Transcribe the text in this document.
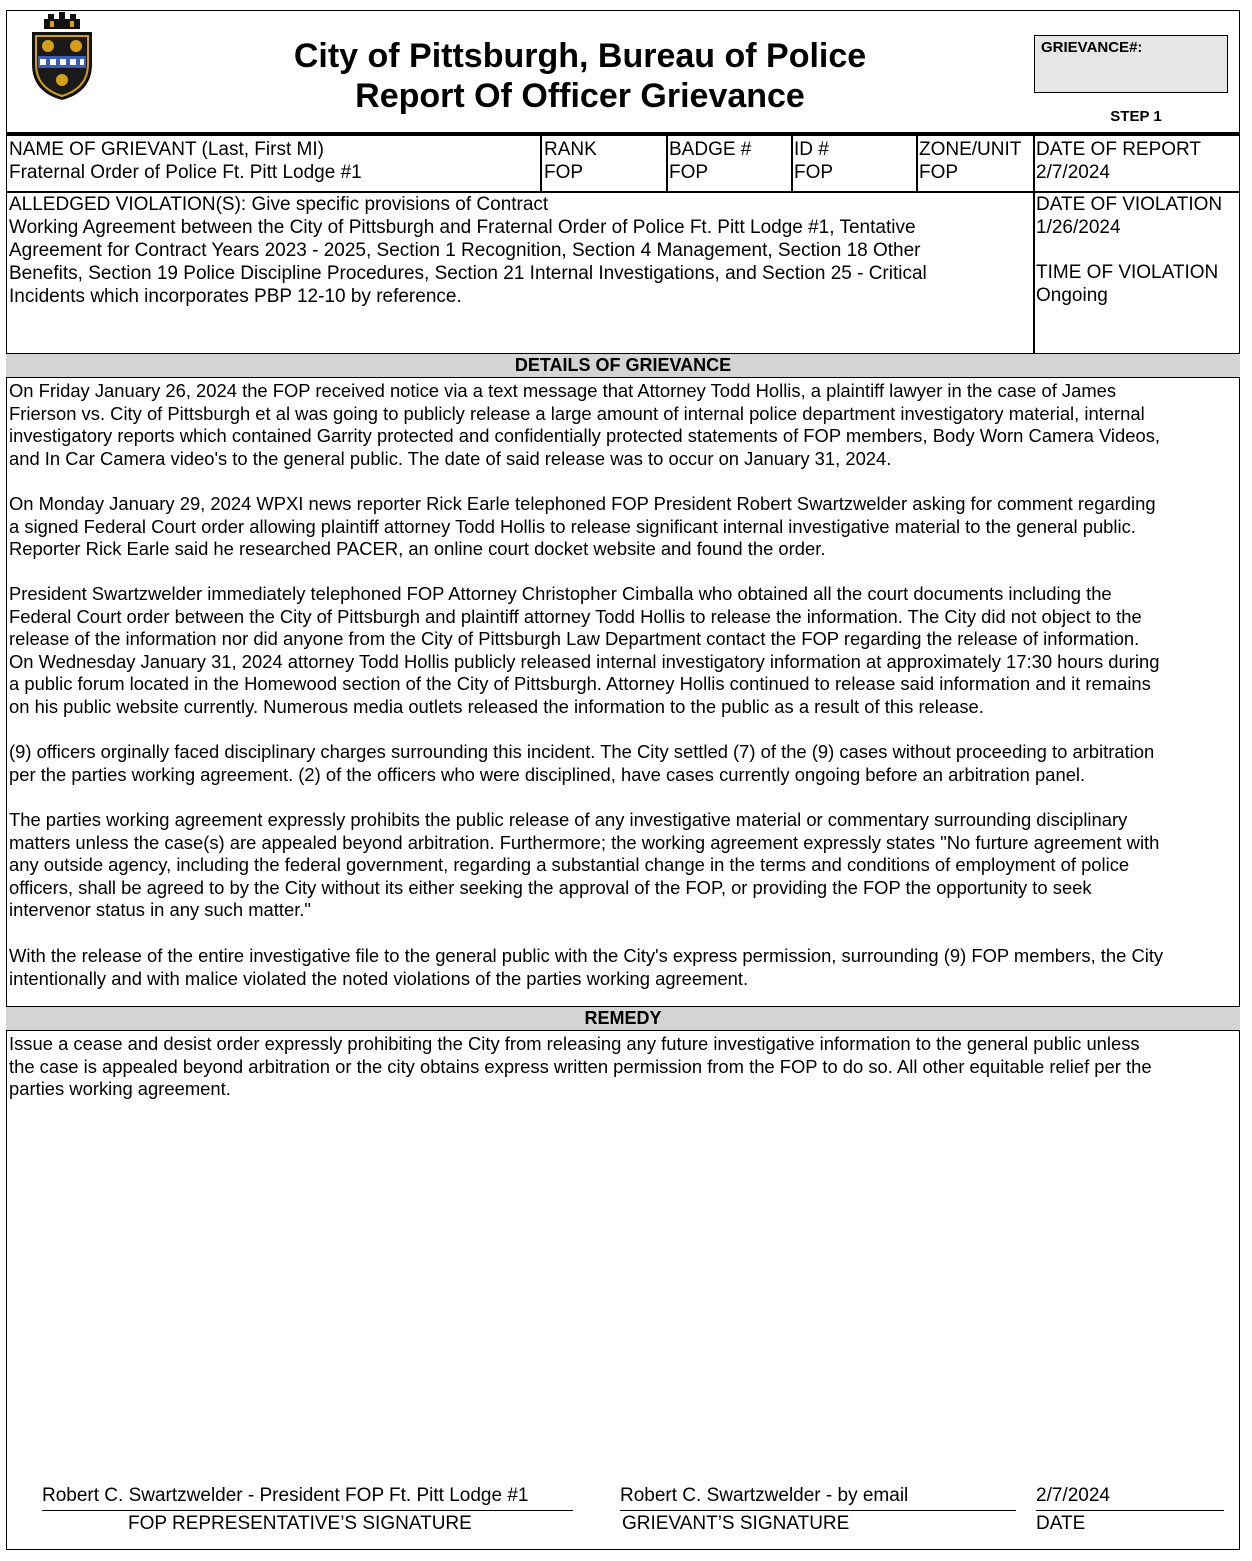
City of Pittsburgh, Bureau of Police
Report Of Officer Grievance
GRIEVANCE#:
STEP 1
NAME OF GRIEVANT (Last, First MI)
Fraternal Order of Police Ft. Pitt Lodge #1
RANK
FOP
BADGE #
FOP
ID #
FOP
ZONE/UNIT
FOP
DATE OF REPORT
2/7/2024
ALLEDGED VIOLATION(S): Give specific provisions of Contract
Working Agreement between the City of Pittsburgh and Fraternal Order of Police Ft. Pitt Lodge #1, Tentative
Agreement for Contract Years 2023 - 2025, Section 1 Recognition, Section 4 Management, Section 18 Other
Benefits, Section 19 Police Discipline Procedures, Section 21 Internal Investigations, and Section 25 - Critical
Incidents which incorporates PBP 12-10 by reference.
DATE OF VIOLATION
1/26/2024
TIME OF VIOLATION
Ongoing
DETAILS OF GRIEVANCE
On Friday January 26, 2024 the FOP received notice via a text message that Attorney Todd Hollis, a plaintiff lawyer in the case of James
Frierson vs. City of Pittsburgh et al was going to publicly release a large amount of internal police department investigatory material, internal
investigatory reports which contained Garrity protected and confidentially protected statements of FOP members, Body Worn Camera Videos,
and In Car Camera video's to the general public. The date of said release was to occur on January 31, 2024.
On Monday January 29, 2024 WPXI news reporter Rick Earle telephoned FOP President Robert Swartzwelder asking for comment regarding
a signed Federal Court order allowing plaintiff attorney Todd Hollis to release significant internal investigative material to the general public.
Reporter Rick Earle said he researched PACER, an online court docket website and found the order.
President Swartzwelder immediately telephoned FOP Attorney Christopher Cimballa who obtained all the court documents including the
Federal Court order between the City of Pittsburgh and plaintiff attorney Todd Hollis to release the information. The City did not object to the
release of the information nor did anyone from the City of Pittsburgh Law Department contact the FOP regarding the release of information.
On Wednesday January 31, 2024 attorney Todd Hollis publicly released internal investigatory information at approximately 17:30 hours during
a public forum located in the Homewood section of the City of Pittsburgh. Attorney Hollis continued to release said information and it remains
on his public website currently. Numerous media outlets released the information to the public as a result of this release.
(9) officers orginally faced disciplinary charges surrounding this incident. The City settled (7) of the (9) cases without proceeding to arbitration
per the parties working agreement. (2) of the officers who were disciplined, have cases currently ongoing before an arbitration panel.
The parties working agreement expressly prohibits the public release of any investigative material or commentary surrounding disciplinary
matters unless the case(s) are appealed beyond arbitration. Furthermore; the working agreement expressly states "No furture agreement with
any outside agency, including the federal government, regarding a substantial change in the terms and conditions of employment of police
officers, shall be agreed to by the City without its either seeking the approval of the FOP, or providing the FOP the opportunity to seek
intervenor status in any such matter."
With the release of the entire investigative file to the general public with the City's express permission, surrounding (9) FOP members, the City
intentionally and with malice violated the noted violations of the parties working agreement.
REMEDY
Issue a cease and desist order expressly prohibiting the City from releasing any future investigative information to the general public unless
the case is appealed beyond arbitration or the city obtains express written permission from the FOP to do so. All other equitable relief per the
parties working agreement.
Robert C. Swartzwelder - President FOP Ft. Pitt Lodge #1
FOP REPRESENTATIVE’S SIGNATURE
Robert C. Swartzwelder - by email
GRIEVANT’S SIGNATURE
2/7/2024
DATE
